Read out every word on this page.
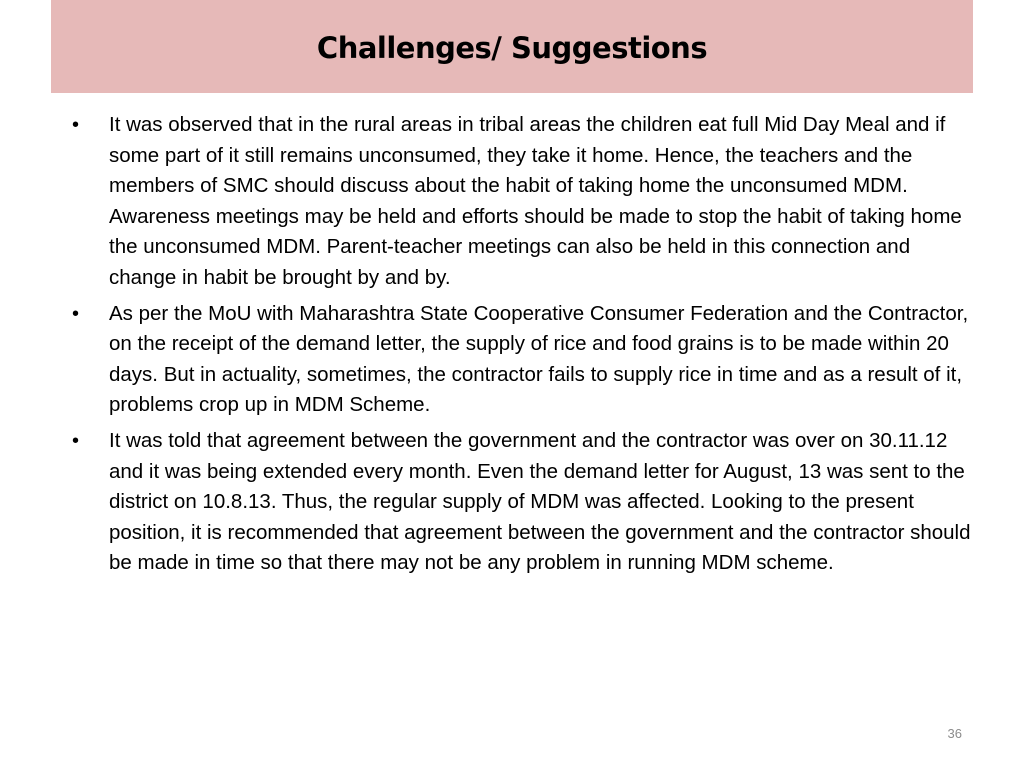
Challenges/ Suggestions
• It was observed that in the rural areas in tribal areas the children eat full Mid Day Meal and if some part of it still remains unconsumed, they take it home. Hence, the teachers and the members of SMC should discuss about the habit of taking home the unconsumed MDM. Awareness meetings may be held and efforts should be made to stop the habit of taking home the unconsumed MDM. Parent-teacher meetings can also be held in this connection and change in habit be brought by and by.
• As per the MoU with Maharashtra State Cooperative Consumer Federation and the Contractor, on the receipt of the demand letter, the supply of rice and food grains is to be made within 20 days. But in actuality, sometimes, the contractor fails to supply rice in time and as a result of it, problems crop up in MDM Scheme.
• It was told that agreement between the government and the contractor was over on 30.11.12 and it was being extended every month. Even the demand letter for August, 13 was sent to the district on 10.8.13. Thus, the regular supply of MDM was affected. Looking to the present position, it is recommended that agreement between the government and the contractor should be made in time so that there may not be any problem in running MDM scheme.
36
